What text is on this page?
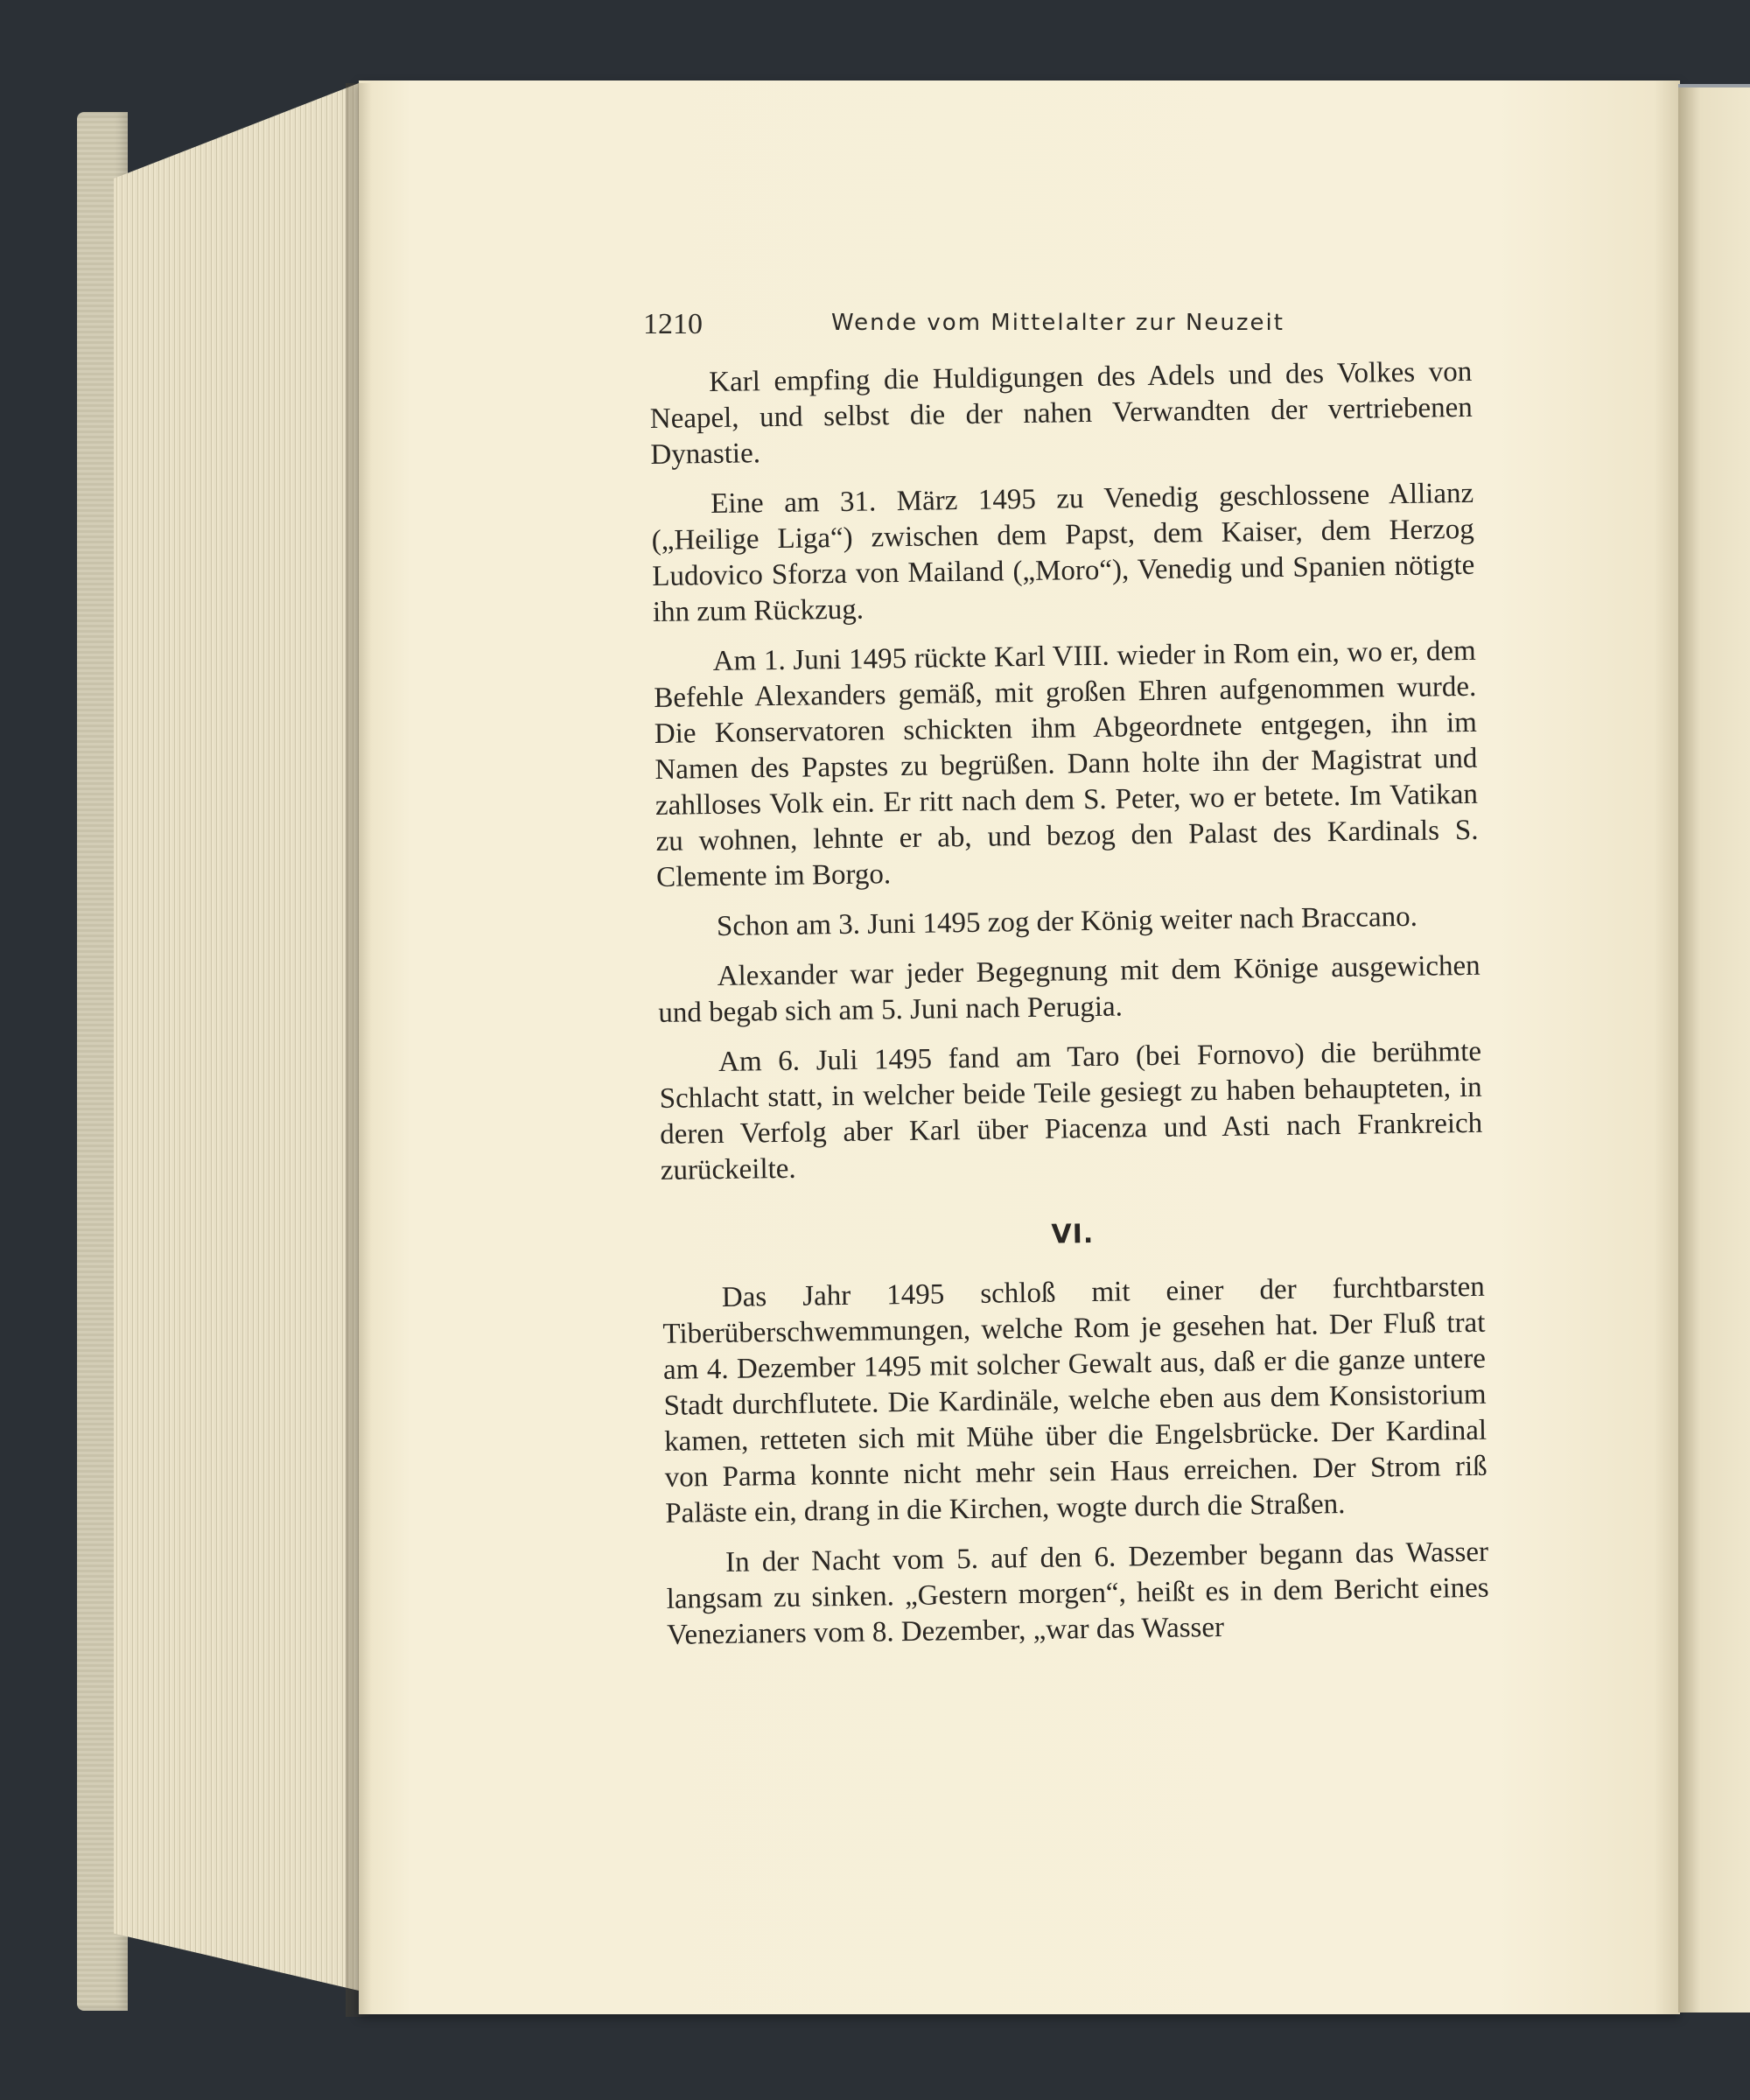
1210	Wende vom Mittelalter zur Neuzeit

Karl empfing die Huldigungen des Adels und des Volkes von Neapel, und selbst die der nahen Verwandten der vertriebenen Dynastie.

Eine am 31. März 1495 zu Venedig geschlossene Allianz („Heilige Liga“) zwischen dem Papst, dem Kaiser, dem Herzog Ludovico Sforza von Mailand („Moro“), Venedig und Spanien nötigte ihn zum Rückzug.

Am 1. Juni 1495 rückte Karl VIII. wieder in Rom ein, wo er, dem Befehle Alexanders gemäß, mit großen Ehren aufgenommen wurde. Die Konservatoren schickten ihm Abgeordnete entgegen, ihn im Namen des Papstes zu begrüßen. Dann holte ihn der Magistrat und zahlloses Volk ein. Er ritt nach dem S. Peter, wo er betete. Im Vatikan zu wohnen, lehnte er ab, und bezog den Palast des Kardinals S. Clemente im Borgo.

Schon am 3. Juni 1495 zog der König weiter nach Braccano.

Alexander war jeder Begegnung mit dem Könige ausgewichen und begab sich am 5. Juni nach Perugia.

Am 6. Juli 1495 fand am Taro (bei Fornovo) die berühmte Schlacht statt, in welcher beide Teile gesiegt zu haben behaupteten, in deren Verfolg aber Karl über Piacenza und Asti nach Frankreich zurückeilte.

VI.

Das Jahr 1495 schloß mit einer der furchtbarsten Tiberüberschwemmungen, welche Rom je gesehen hat. Der Fluß trat am 4. Dezember 1495 mit solcher Gewalt aus, daß er die ganze untere Stadt durchflutete. Die Kardinäle, welche eben aus dem Konsistorium kamen, retteten sich mit Mühe über die Engelsbrücke. Der Kardinal von Parma konnte nicht mehr sein Haus erreichen. Der Strom riß Paläste ein, drang in die Kirchen, wogte durch die Straßen.

In der Nacht vom 5. auf den 6. Dezember begann das Wasser langsam zu sinken. „Gestern morgen“, heißt es in dem Bericht eines Venezianers vom 8. Dezember, „war das Wasser
